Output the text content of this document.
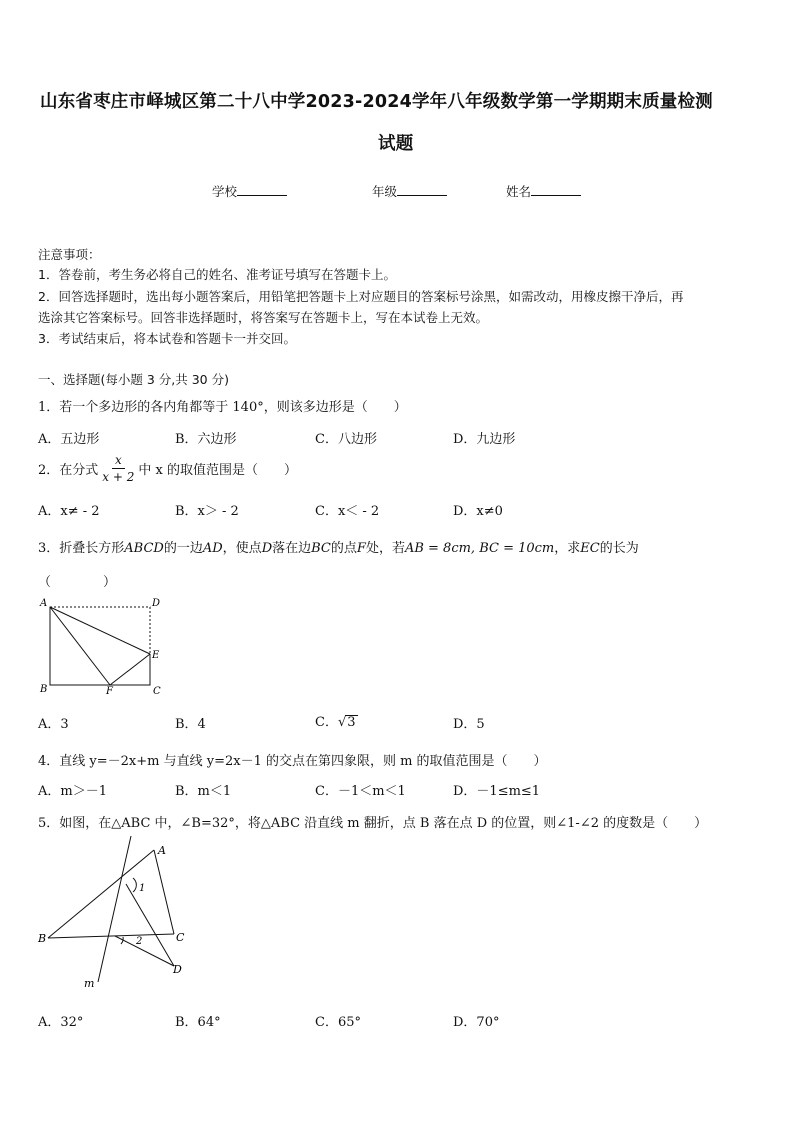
山东省枣庄市峄城区第二十八中学2023-2024学年八年级数学第一学期期末质量检测
试题
学校	年级	姓名
注意事项：
1．答卷前，考生务必将自己的姓名、准考证号填写在答题卡上。
2．回答选择题时，选出每小题答案后，用铅笔把答题卡上对应题目的答案标号涂黑，如需改动，用橡皮擦干净后，再
选涂其它答案标号。回答非选择题时，将答案写在答题卡上，写在本试卷上无效。
3．考试结束后，将本试卷和答题卡一并交回。
一、选择题(每小题 3 分,共 30 分)
1．若一个多边形的各内角都等于 140°，则该多边形是（　　）
A．五边形	B．六边形	C．八边形	D．九边形
2．在分式 $\frac{x}{x + 2}$ 中 x 的取值范围是（　　）
A．x≠ - 2	B．x＞ - 2	C．x＜ - 2	D．x≠0
3．折叠长方形ABCD的一边AD，使点D落在边BC的点F处，若AB = 8cm, BC = 10cm，求EC的长为
（　　　　）
A	D
E
B	F	C
A．3	B．4	C．√3	D．5
4．直线 y=－2x+m 与直线 y=2x－1 的交点在第四象限，则 m 的取值范围是（　　）
A．m＞－1	B．m＜1	C．－1＜m＜1	D．－1≤m≤1
5．如图，在△ABC 中，∠B=32°，将△ABC 沿直线 m 翻折，点 B 落在点 D 的位置，则∠1-∠2 的度数是（　　）
A
B	C
D
m
1
2
A．32°	B．64°	C．65°	D．70°
